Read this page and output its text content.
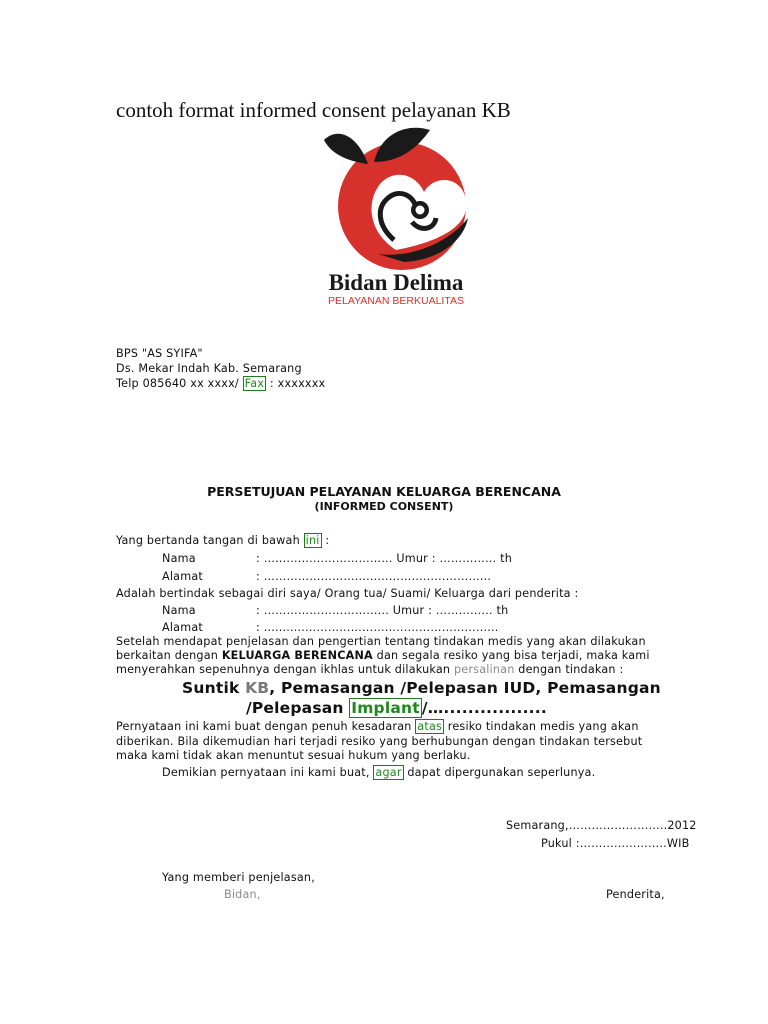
contoh format informed consent pelayanan KB
Bidan Delima
PELAYANAN BERKUALITAS
BPS "AS SYIFA"
Ds. Mekar Indah Kab. Semarang
Telp 085640 xx xxxx/ Fax : xxxxxxx
PERSETUJUAN PELAYANAN KELUARGA BERENCANA
(INFORMED CONSENT)
Yang bertanda tangan di bawah ini :
Nama	: …....……………………… Umur : …………… th
Alamat	: …………………......…………………………...
Adalah bertindak sebagai diri saya/ Orang tua/ Suami/ Keluarga dari penderita :
Nama	: …………………………… Umur : …………… th
Alamat	: ...........…………………………………………...
Setelah mendapat penjelasan dan pengertian tentang tindakan medis yang akan dilakukan
berkaitan dengan KELUARGA BERENCANA dan segala resiko yang bisa terjadi, maka kami
menyerahkan sepenuhnya dengan ikhlas untuk dilakukan persalinan dengan tindakan :
Suntik KB, Pemasangan /Pelepasan IUD, Pemasangan
/Pelepasan Implant /….................
Pernyataan ini kami buat dengan penuh kesadaran atas resiko tindakan medis yang akan
diberikan. Bila dikemudian hari terjadi resiko yang berhubungan dengan tindakan tersebut
maka kami tidak akan menuntut sesuai hukum yang berlaku.
Demikian pernyataan ini kami buat, agar dapat dipergunakan seperlunya.
Semarang,……………………..2012
Pukul :…………………..WIB
Yang memberi penjelasan,
Bidan,	Penderita,
